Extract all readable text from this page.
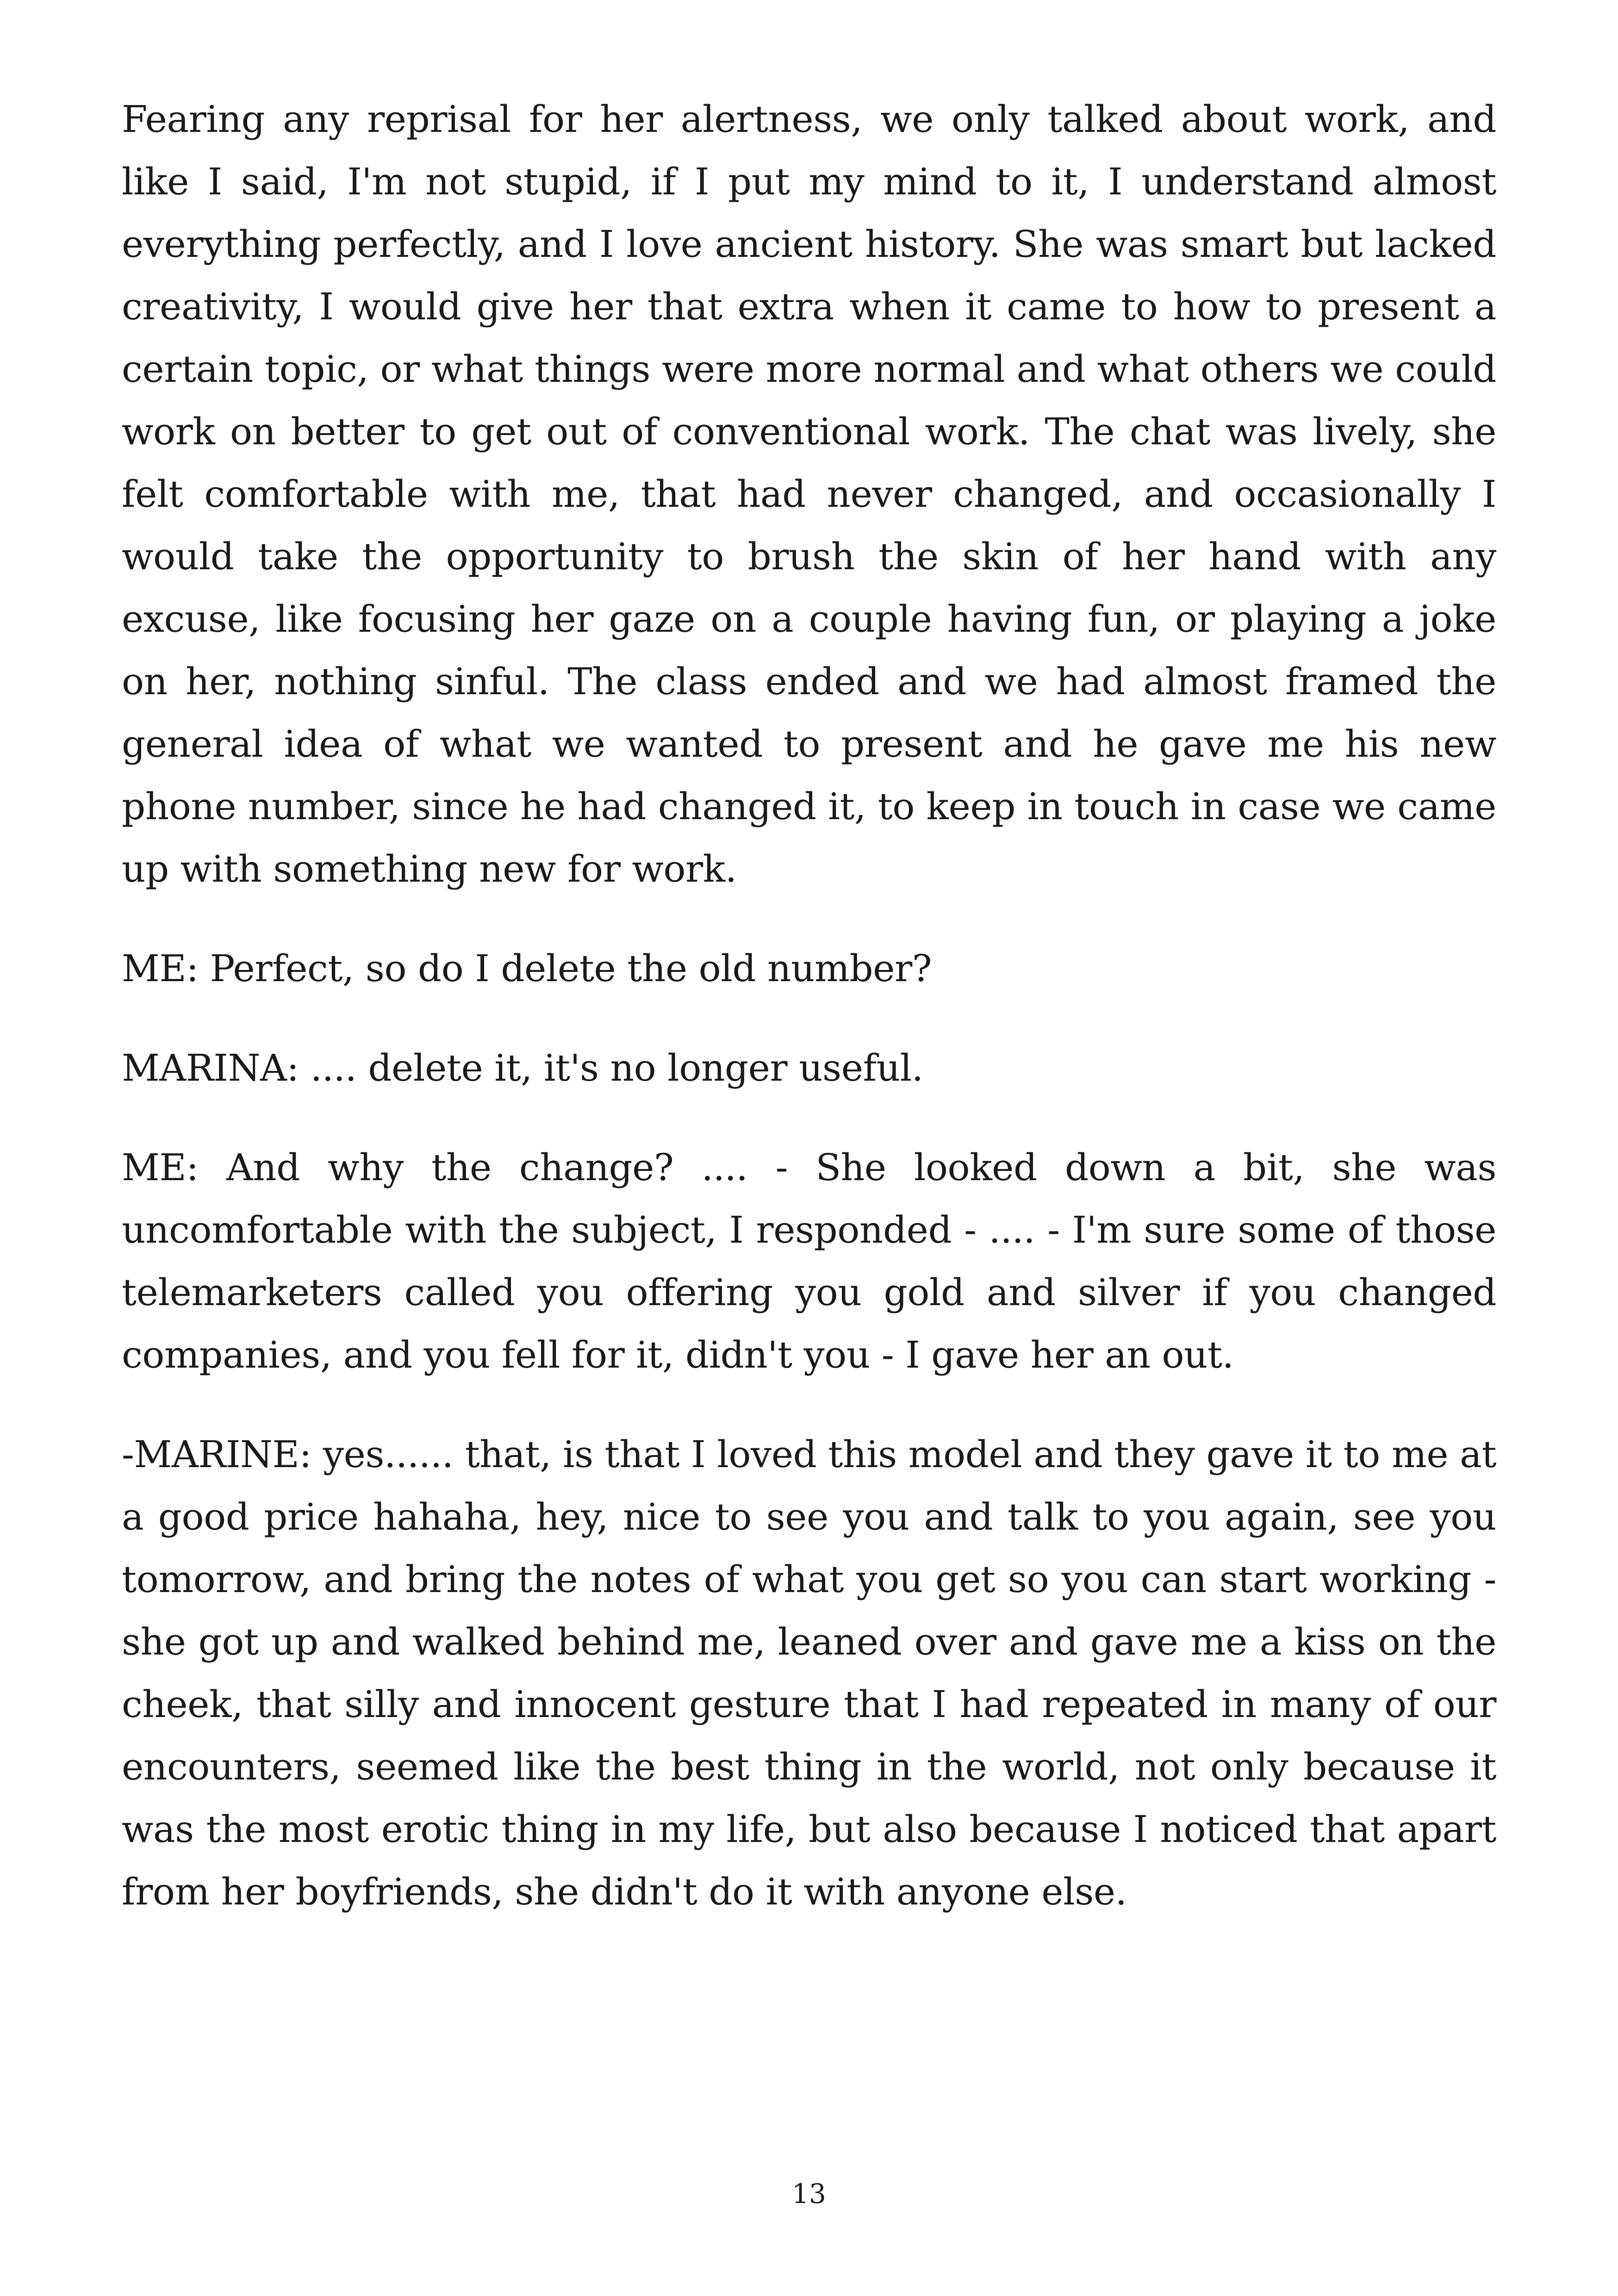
Fearing any reprisal for her alertness, we only talked about work, and like I said, I'm not stupid, if I put my mind to it, I understand almost everything perfectly, and I love ancient history. She was smart but lacked creativity, I would give her that extra when it came to how to present a certain topic, or what things were more normal and what others we could work on better to get out of conventional work. The chat was lively, she felt comfortable with me, that had never changed, and occasionally I would take the opportunity to brush the skin of her hand with any excuse, like focusing her gaze on a couple having fun, or playing a joke on her, nothing sinful. The class ended and we had almost framed the general idea of what we wanted to present and he gave me his new phone number, since he had changed it, to keep in touch in case we came up with something new for work.

ME: Perfect, so do I delete the old number?

MARINA: .... delete it, it's no longer useful.

ME: And why the change? .... - She looked down a bit, she was uncomfortable with the subject, I responded - .... - I'm sure some of those telemarketers called you offering you gold and silver if you changed companies, and you fell for it, didn't you - I gave her an out.

-MARINE: yes...... that, is that I loved this model and they gave it to me at a good price hahaha, hey, nice to see you and talk to you again, see you tomorrow, and bring the notes of what you get so you can start working - she got up and walked behind me, leaned over and gave me a kiss on the cheek, that silly and innocent gesture that I had repeated in many of our encounters, seemed like the best thing in the world, not only because it was the most erotic thing in my life, but also because I noticed that apart from her boyfriends, she didn't do it with anyone else.

13
